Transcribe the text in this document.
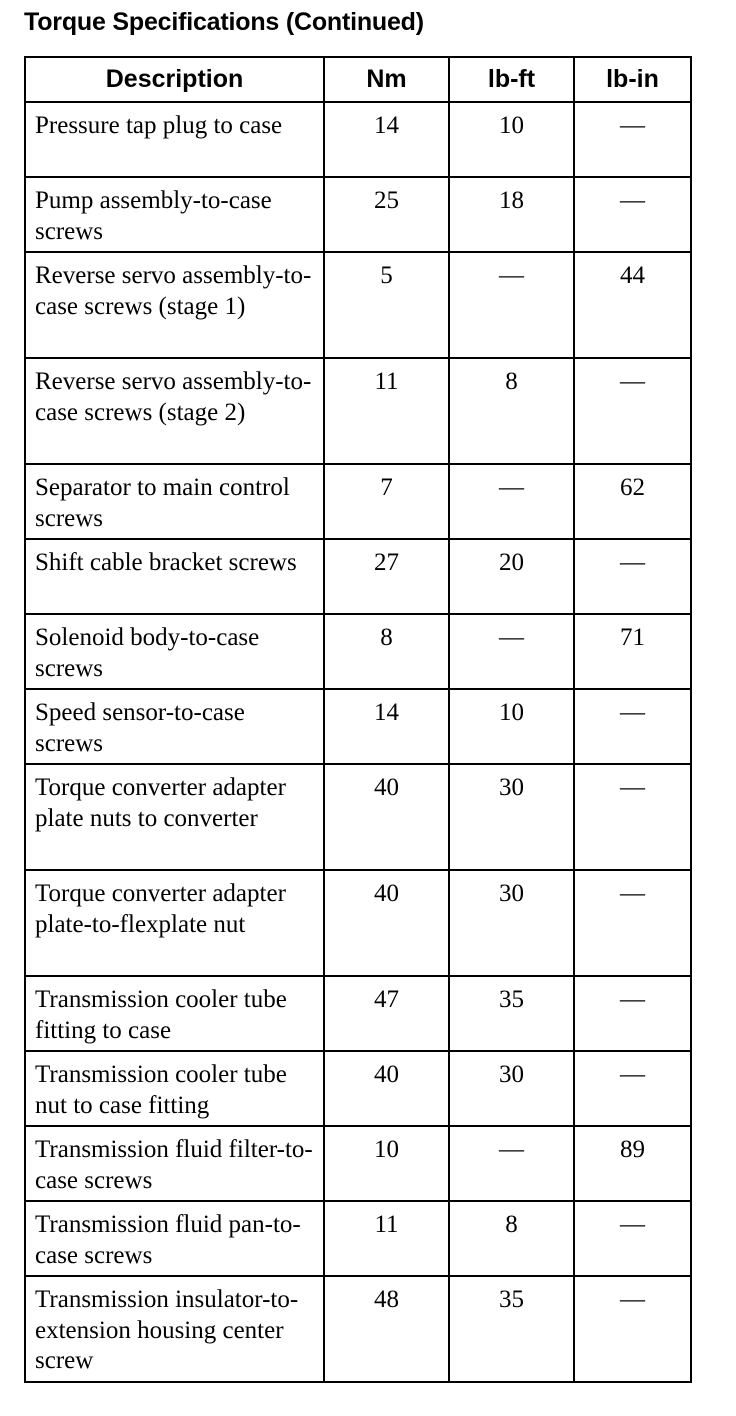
Torque Specifications (Continued)
Description	Nm	lb-ft	lb-in
Pressure tap plug to case	14	10	—
Pump assembly-to-case screws	25	18	—
Reverse servo assembly-to-case screws (stage 1)	5	—	44
Reverse servo assembly-to-case screws (stage 2)	11	8	—
Separator to main control screws	7	—	62
Shift cable bracket screws	27	20	—
Solenoid body-to-case screws	8	—	71
Speed sensor-to-case screws	14	10	—
Torque converter adapter plate nuts to converter	40	30	—
Torque converter adapter plate-to-flexplate nut	40	30	—
Transmission cooler tube fitting to case	47	35	—
Transmission cooler tube nut to case fitting	40	30	—
Transmission fluid filter-to-case screws	10	—	89
Transmission fluid pan-to-case screws	11	8	—
Transmission insulator-to-extension housing center screw	48	35	—
